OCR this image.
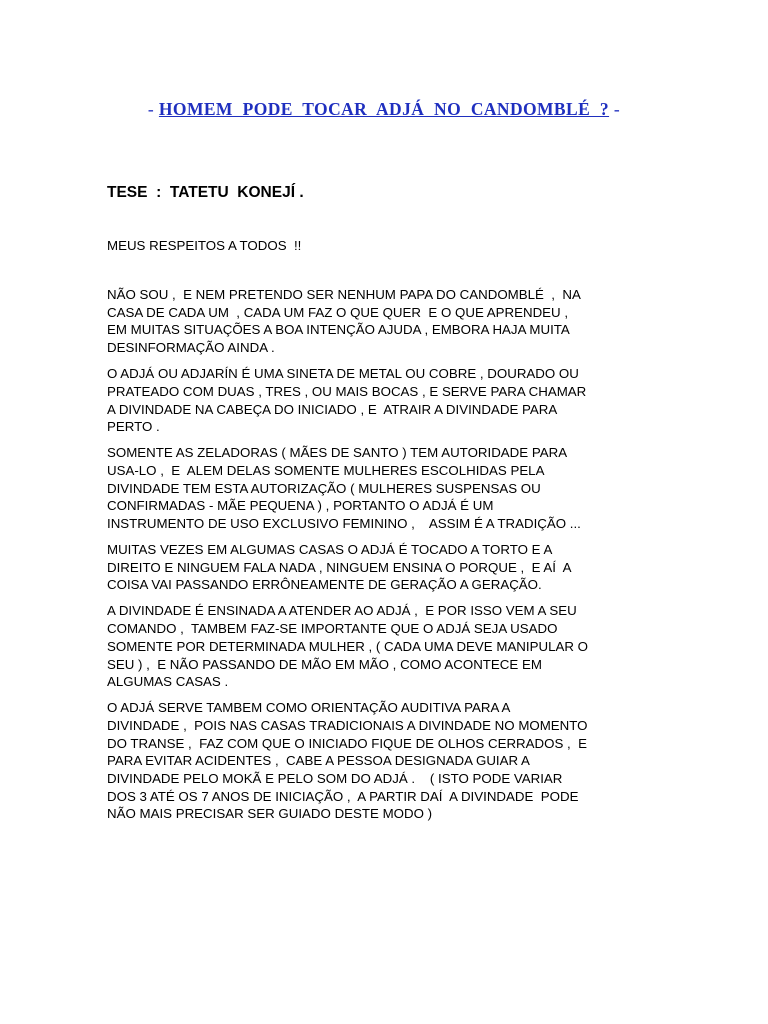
- HOMEM PODE TOCAR ADJÁ NO CANDOMBLÉ ? -
TESE  :  TATETU  KONEJÍ .
MEUS RESPEITOS A TODOS  !!

NÃO SOU ,  E NEM PRETENDO SER NENHUM PAPA DO CANDOMBLÉ  ,  NA
CASA DE CADA UM  , CADA UM FAZ O QUE QUER  E O QUE APRENDEU ,
EM MUITAS SITUAÇÕES A BOA INTENÇÃO AJUDA , EMBORA HAJA MUITA
DESINFORMAÇÃO AINDA .

O ADJÁ OU ADJARÍN É UMA SINETA DE METAL OU COBRE , DOURADO OU
PRATEADO COM DUAS , TRES , OU MAIS BOCAS , E SERVE PARA CHAMAR
A DIVINDADE NA CABEÇA DO INICIADO , E  ATRAIR A DIVINDADE PARA
PERTO .

SOMENTE AS ZELADORAS ( MÃES DE SANTO ) TEM AUTORIDADE PARA
USA-LO ,  E  ALEM DELAS SOMENTE MULHERES ESCOLHIDAS PELA
DIVINDADE TEM ESTA AUTORIZAÇÃO ( MULHERES SUSPENSAS OU
CONFIRMADAS - MÃE PEQUENA ) , PORTANTO O ADJÁ É UM
INSTRUMENTO DE USO EXCLUSIVO FEMININO ,    ASSIM É A TRADIÇÃO ...

MUITAS VEZES EM ALGUMAS CASAS O ADJÁ É TOCADO A TORTO E A
DIREITO E NINGUEM FALA NADA , NINGUEM ENSINA O PORQUE ,  E AÍ  A
COISA VAI PASSANDO ERRÔNEAMENTE DE GERAÇÃO A GERAÇÃO.

A DIVINDADE É ENSINADA A ATENDER AO ADJÁ ,  E POR ISSO VEM A SEU
COMANDO ,  TAMBEM FAZ-SE IMPORTANTE QUE O ADJÁ SEJA USADO
SOMENTE POR DETERMINADA MULHER , ( CADA UMA DEVE MANIPULAR O
SEU ) ,  E NÃO PASSANDO DE MÃO EM MÃO , COMO ACONTECE EM
ALGUMAS CASAS .

O ADJÁ SERVE TAMBEM COMO ORIENTAÇÃO AUDITIVA PARA A
DIVINDADE ,  POIS NAS CASAS TRADICIONAIS A DIVINDADE NO MOMENTO
DO TRANSE ,  FAZ COM QUE O INICIADO FIQUE DE OLHOS CERRADOS ,  E
PARA EVITAR ACIDENTES ,  CABE A PESSOA DESIGNADA GUIAR A
DIVINDADE PELO MOKÃ E PELO SOM DO ADJÁ .    ( ISTO PODE VARIAR
DOS 3 ATÉ OS 7 ANOS DE INICIAÇÃO ,  A PARTIR DAÍ  A DIVINDADE  PODE
NÃO MAIS PRECISAR SER GUIADO DESTE MODO )
